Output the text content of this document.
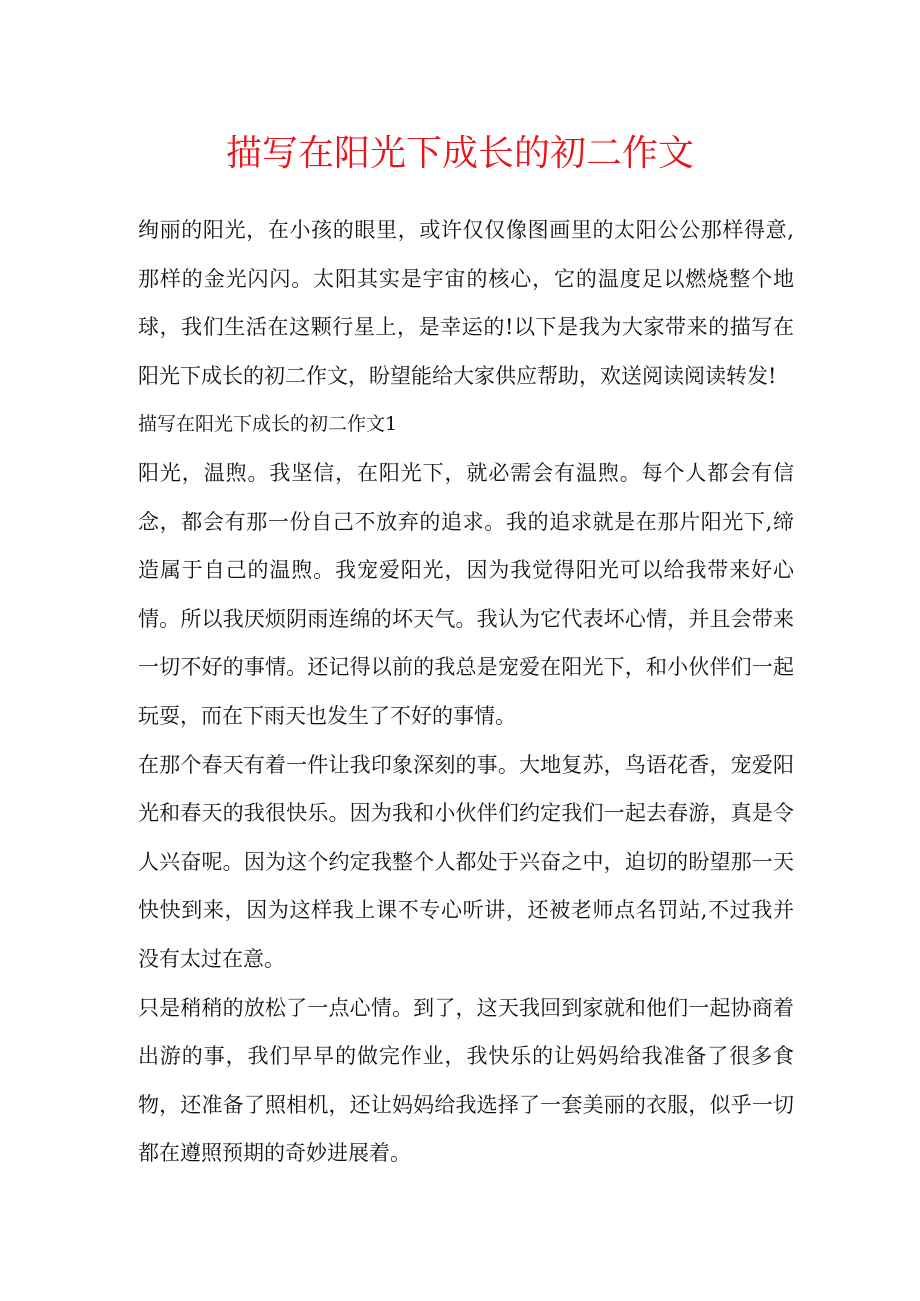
描写在阳光下成长的初二作文

绚丽的阳光，在小孩的眼里，或许仅仅像图画里的太阳公公那样得意,那样的金光闪闪。太阳其实是宇宙的核心，它的温度足以燃烧整个地球，我们生活在这颗行星上，是幸运的!以下是我为大家带来的描写在阳光下成长的初二作文，盼望能给大家供应帮助，欢送阅读阅读转发!

描写在阳光下成长的初二作文1

阳光，温煦。我坚信，在阳光下，就必需会有温煦。每个人都会有信念，都会有那一份自己不放弃的追求。我的追求就是在那片阳光下,缔造属于自己的温煦。我宠爱阳光，因为我觉得阳光可以给我带来好心情。所以我厌烦阴雨连绵的坏天气。我认为它代表坏心情，并且会带来一切不好的事情。还记得以前的我总是宠爱在阳光下，和小伙伴们一起玩耍，而在下雨天也发生了不好的事情。

在那个春天有着一件让我印象深刻的事。大地复苏，鸟语花香，宠爱阳光和春天的我很快乐。因为我和小伙伴们约定我们一起去春游，真是令人兴奋呢。因为这个约定我整个人都处于兴奋之中，迫切的盼望那一天快快到来，因为这样我上课不专心听讲，还被老师点名罚站,不过我并没有太过在意。

只是稍稍的放松了一点心情。到了，这天我回到家就和他们一起协商着出游的事，我们早早的做完作业，我快乐的让妈妈给我准备了很多食物，还准备了照相机，还让妈妈给我选择了一套美丽的衣服，似乎一切都在遵照预期的奇妙进展着。
